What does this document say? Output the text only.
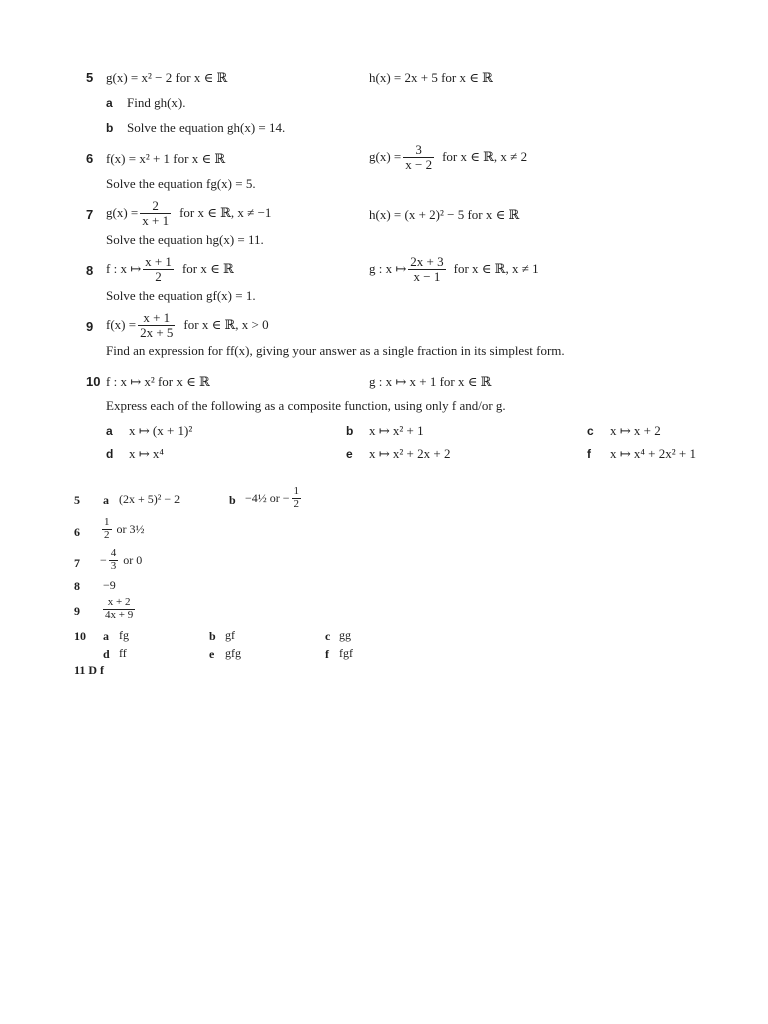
5 g(x) = x² − 2 for x ∈ ℝ	h(x) = 2x + 5 for x ∈ ℝ
a Find gh(x).
b Solve the equation gh(x) = 14.
6 f(x) = x² + 1 for x ∈ ℝ	$g(x) = \frac{3}{x - 2}$ for x ∈ ℝ, x ≠ 2
Solve the equation fg(x) = 5.
7 $g(x) = \frac{2}{x + 1}$ for x ∈ ℝ, x ≠ −1	h(x) = (x + 2)² − 5 for x ∈ ℝ
Solve the equation hg(x) = 11.
8 f : x ↦ $\frac{x + 1}{2}$ for x ∈ ℝ	g : x ↦ $\frac{2x + 3}{x - 1}$ for x ∈ ℝ, x ≠ 1
Solve the equation gf(x) = 1.
9 $f(x) = \frac{x + 1}{2x + 5}$ for x ∈ ℝ, x > 0
Find an expression for ff(x), giving your answer as a single fraction in its simplest form.
10 f : x ↦ x² for x ∈ ℝ	g : x ↦ x + 1 for x ∈ ℝ
Express each of the following as a composite function, using only f and/or g.
a x ↦ (x + 1)²	b x ↦ x² + 1	c x ↦ x + 2
d x ↦ x⁴	e x ↦ x² + 2x + 2	f x ↦ x⁴ + 2x² + 1
5 a (2x + 5)² − 2	b −4½ or − $\frac{1}{2}$
$6 \frac{1}{2}$ or 3½
$7 - \frac{4}{3}$ or 0
8 −9
$9 \frac{x + 2}{4x + 9}$
10 a fg	b gf	c gg
d ff	e gfg	f fgf
11 D f
